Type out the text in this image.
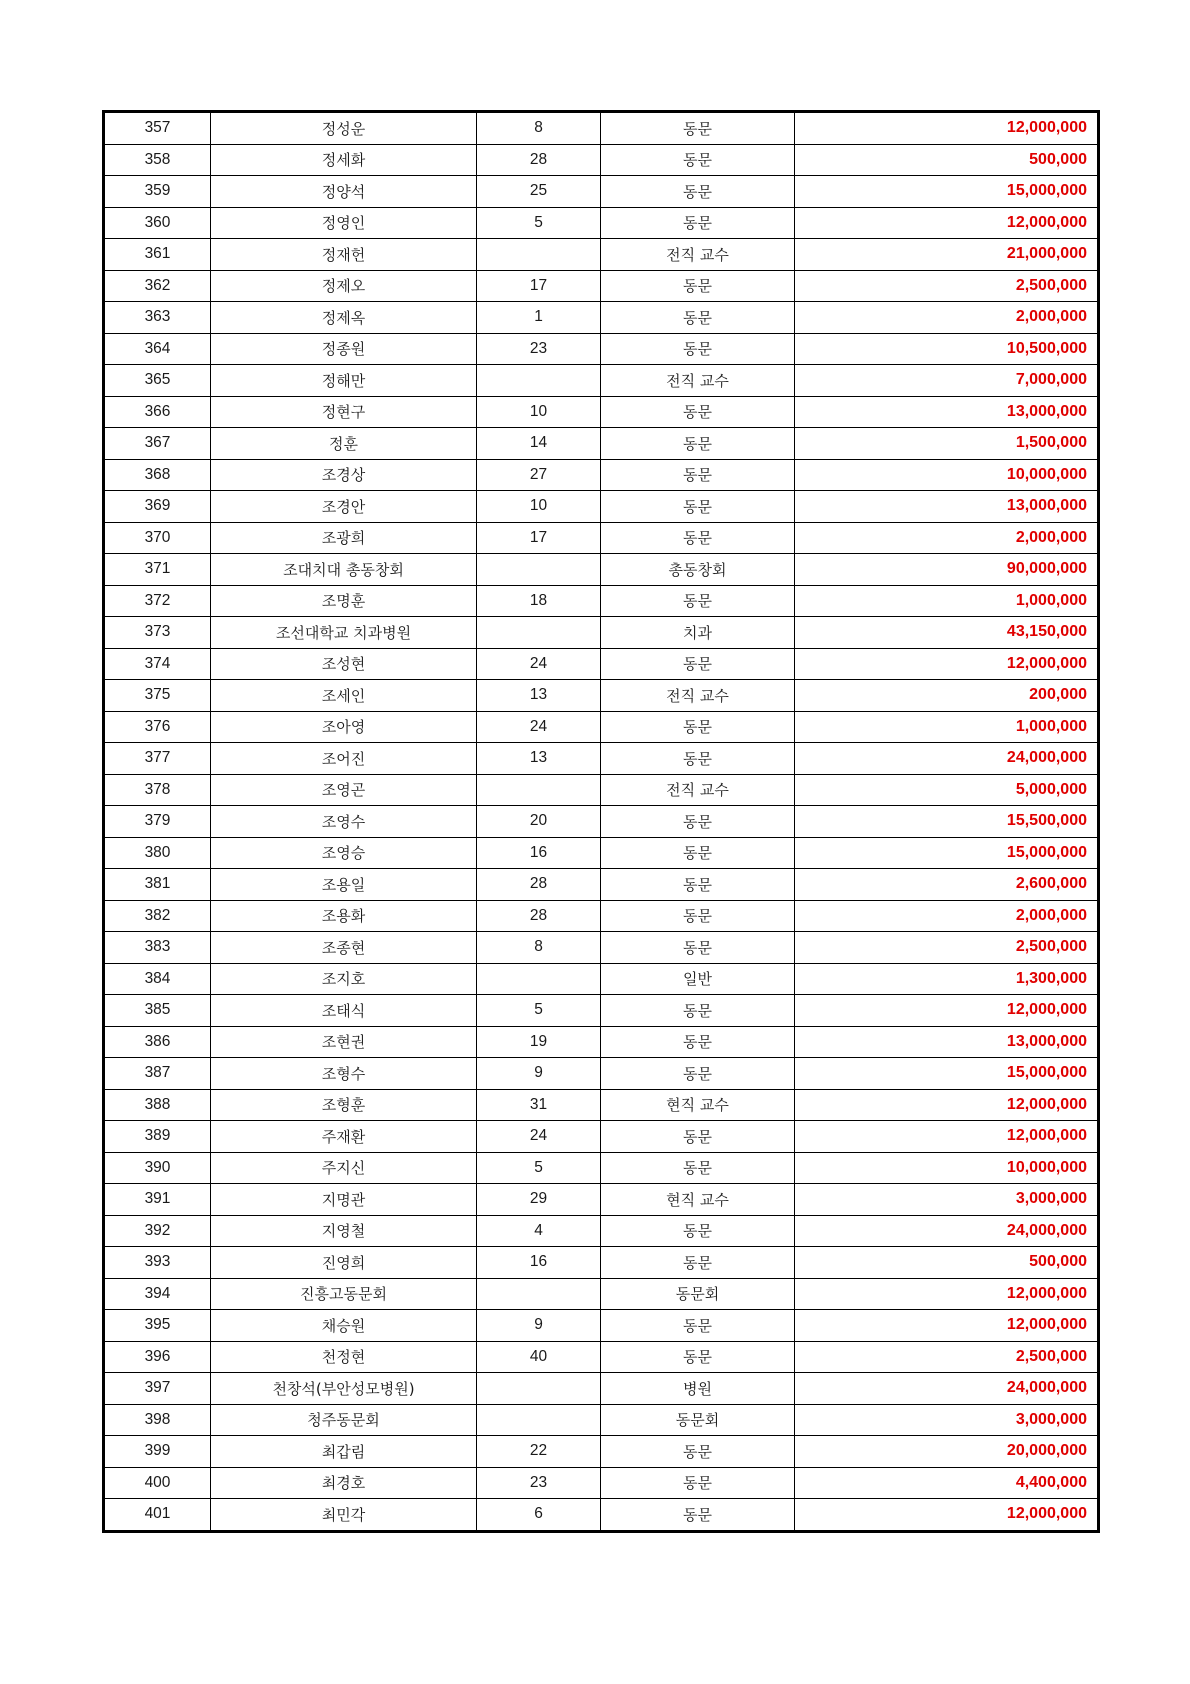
357	정성운	8	동문	12,000,000
358	정세화	28	동문	500,000
359	정양석	25	동문	15,000,000
360	정영인	5	동문	12,000,000
361	정재헌		전직 교수	21,000,000
362	정제오	17	동문	2,500,000
363	정제옥	1	동문	2,000,000
364	정종원	23	동문	10,500,000
365	정해만		전직 교수	7,000,000
366	정현구	10	동문	13,000,000
367	정훈	14	동문	1,500,000
368	조경상	27	동문	10,000,000
369	조경안	10	동문	13,000,000
370	조광희	17	동문	2,000,000
371	조대치대 총동창회		총동창회	90,000,000
372	조명훈	18	동문	1,000,000
373	조선대학교 치과병원		치과	43,150,000
374	조성현	24	동문	12,000,000
375	조세인	13	전직 교수	200,000
376	조아영	24	동문	1,000,000
377	조어진	13	동문	24,000,000
378	조영곤		전직 교수	5,000,000
379	조영수	20	동문	15,500,000
380	조영승	16	동문	15,000,000
381	조용일	28	동문	2,600,000
382	조용화	28	동문	2,000,000
383	조종현	8	동문	2,500,000
384	조지호		일반	1,300,000
385	조태식	5	동문	12,000,000
386	조현권	19	동문	13,000,000
387	조형수	9	동문	15,000,000
388	조형훈	31	현직 교수	12,000,000
389	주재환	24	동문	12,000,000
390	주지신	5	동문	10,000,000
391	지명관	29	현직 교수	3,000,000
392	지영철	4	동문	24,000,000
393	진영희	16	동문	500,000
394	진흥고동문회		동문회	12,000,000
395	채승원	9	동문	12,000,000
396	천정현	40	동문	2,500,000
397	천창석(부안성모병원)		병원	24,000,000
398	청주동문회		동문회	3,000,000
399	최갑림	22	동문	20,000,000
400	최경호	23	동문	4,400,000
401	최민각	6	동문	12,000,000
